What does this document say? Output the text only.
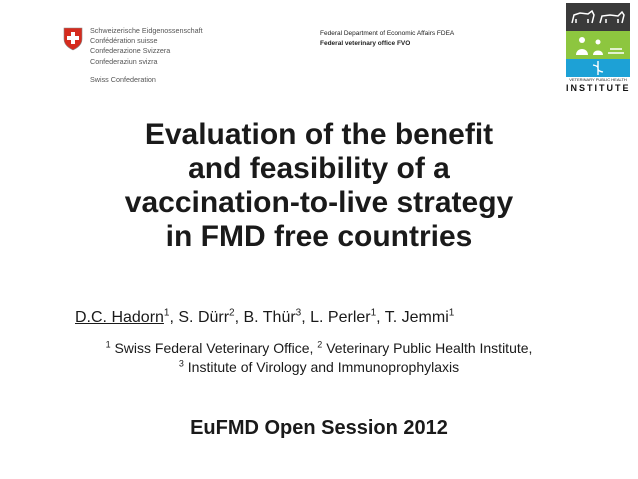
Schweizerische Eidgenossenschaft
Confédération suisse
Confederazione Svizzera
Confederaziun svizra
Swiss Confederation
Federal Department of Economic Affairs FDEA
Federal veterinary office FVO
VETERINARY PUBLIC HEALTH
INSTITUTE
Evaluation of the benefit
and feasibility of a
vaccination-to-live strategy
in FMD free countries
D.C. Hadorn$^1$, S. Dürr$^2$, B. Thür$^3$, L. Perler$^1$, T. Jemmi$^1$
$^1$ Swiss Federal Veterinary Office, $^2$ Veterinary Public Health Institute,
$^3$ Institute of Virology and Immunoprophylaxis
EuFMD Open Session 2012
